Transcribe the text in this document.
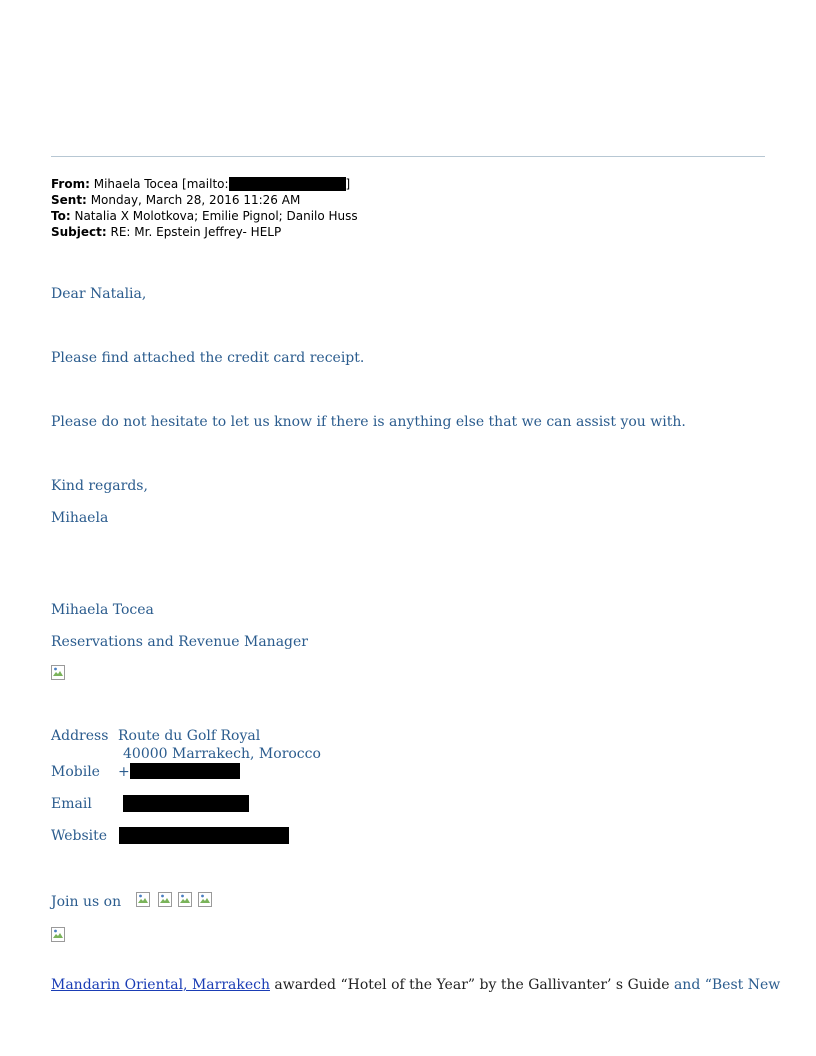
From: Mihaela Tocea [mailto:	]
Sent: Monday, March 28, 2016 11:26 AM
To: Natalia X Molotkova; Emilie Pignol; Danilo Huss
Subject: RE: Mr. Epstein Jeffrey- HELP
Dear Natalia,
Please find attached the credit card receipt.
Please do not hesitate to let us know if there is anything else that we can assist you with.
Kind regards,
Mihaela
Mihaela Tocea
Reservations and Revenue Manager
Address Route du Golf Royal
40000 Marrakech, Morocco
Mobile +
Email
Website
Join us on
Mandarin Oriental, Marrakech awarded “Hotel of the Year” by the Gallivanter’ s Guide and “Best New
